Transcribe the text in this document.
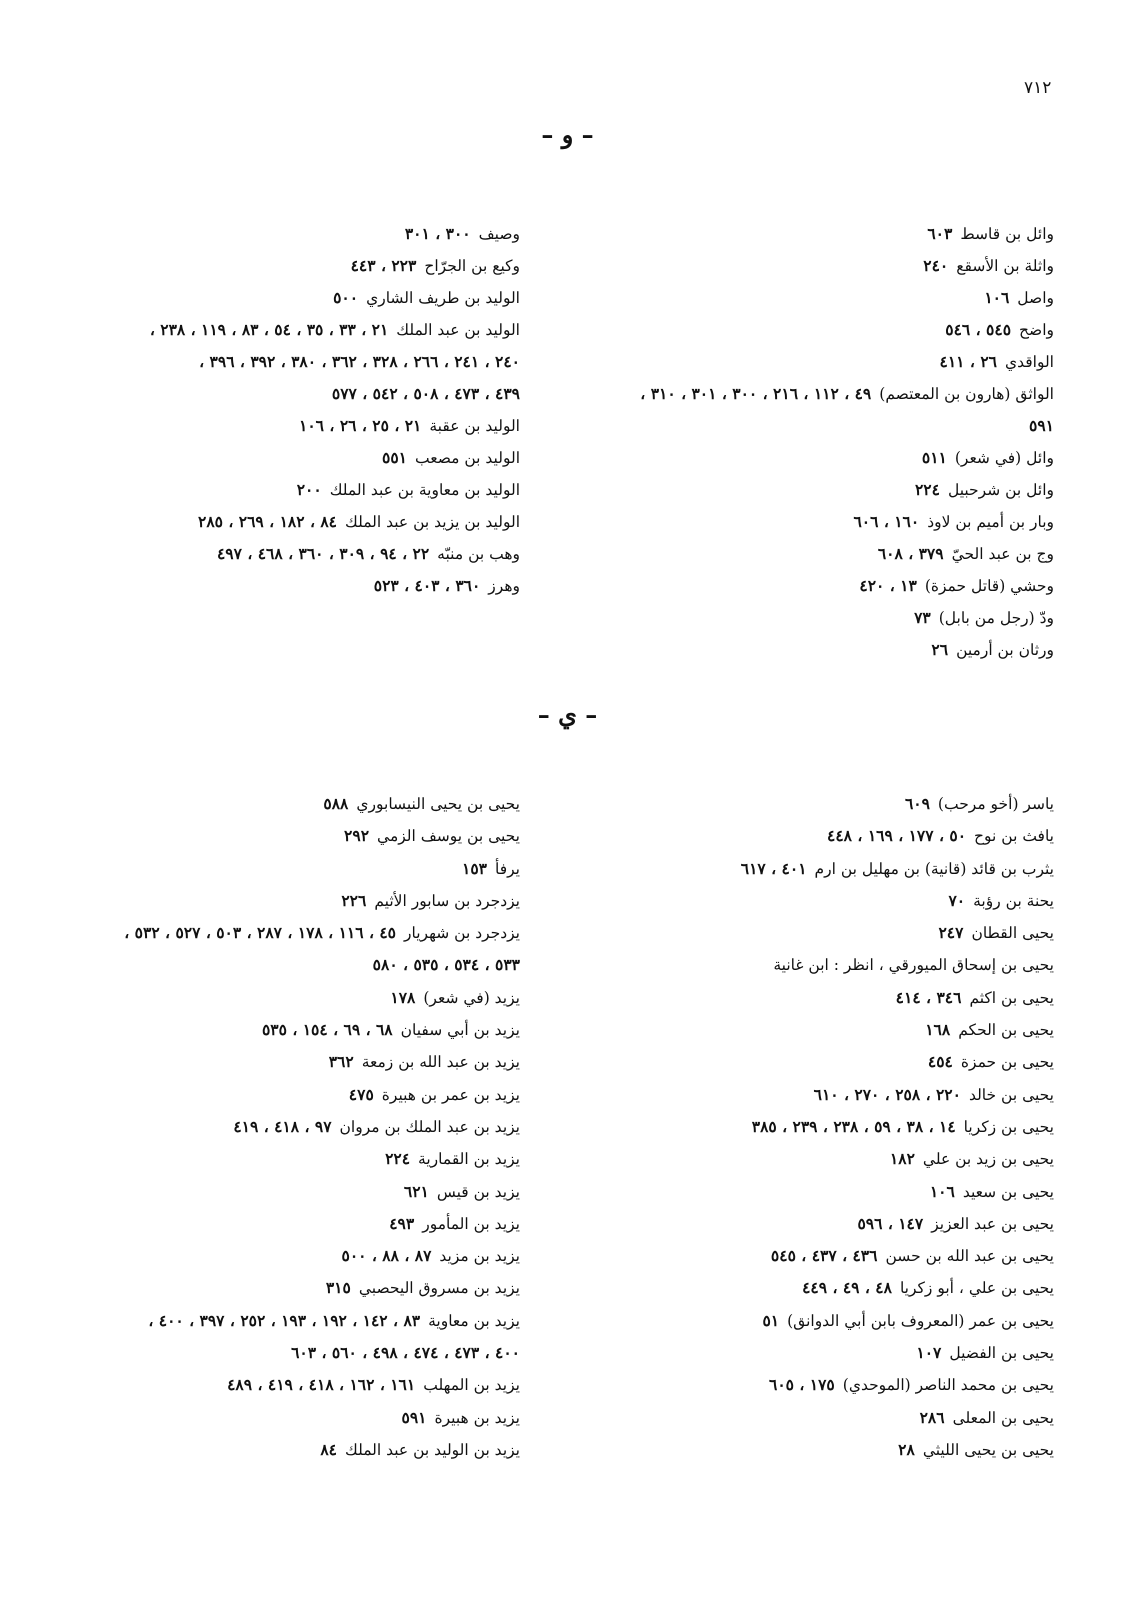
٧١٢
– و –
وائل بن قاسط٦٠٣
واثلة بن الأسقع٢٤٠
واصل١٠٦
واضح٥٤٥ ، ٥٤٦
الواقدي٢٦ ، ٤١١
الواثق (هارون بن المعتصم)٤٩ ، ١١٢ ، ٢١٦ ، ٣٠٠ ، ٣٠١ ، ٣١٠ ،
٥٩١
وائل (في شعر)٥١١
وائل بن شرحبيل٢٢٤
وبار بن أميم بن لاوذ١٦٠ ، ٦٠٦
وج بن عبد الحيّ٣٧٩ ، ٦٠٨
وحشي (قاتل حمزة)١٣ ، ٤٢٠
ودّ (رجل من بابل)٧٣
ورثان بن أرمين٢٦
وصيف٣٠٠ ، ٣٠١
وكيع بن الجرّاح٢٢٣ ، ٤٤٣
الوليد بن طريف الشاري٥٠٠
الوليد بن عبد الملك٢١ ، ٣٣ ، ٣٥ ، ٥٤ ، ٨٣ ، ١١٩ ، ٢٣٨ ،
٢٤٠ ، ٢٤١ ، ٢٦٦ ، ٣٢٨ ، ٣٦٢ ، ٣٨٠ ، ٣٩٢ ، ٣٩٦ ،
٤٣٩ ، ٤٧٣ ، ٥٠٨ ، ٥٤٢ ، ٥٧٧
الوليد بن عقبة٢١ ، ٢٥ ، ٢٦ ، ١٠٦
الوليد بن مصعب٥٥١
الوليد بن معاوية بن عبد الملك٢٠٠
الوليد بن يزيد بن عبد الملك٨٤ ، ١٨٢ ، ٢٦٩ ، ٢٨٥
وهب بن منبّه٢٢ ، ٩٤ ، ٣٠٩ ، ٣٦٠ ، ٤٦٨ ، ٤٩٧
وهرز٣٦٠ ، ٤٠٣ ، ٥٢٣
– ي –
ياسر (أخو مرحب)٦٠٩
يافث بن نوح٥٠ ، ١٧٧ ، ١٦٩ ، ٤٤٨
يثرب بن قائد (قانية) بن مهليل بن ارم٤٠١ ، ٦١٧
يحنة بن رؤبة٧٠
يحيى القطان٢٤٧
يحيى بن إسحاق الميورقي ، انظر : ابن غانية
يحيى بن اكثم٣٤٦ ، ٤١٤
يحيى بن الحكم١٦٨
يحيى بن حمزة٤٥٤
يحيى بن خالد٢٢٠ ، ٢٥٨ ، ٢٧٠ ، ٦١٠
يحيى بن زكريا١٤ ، ٣٨ ، ٥٩ ، ٢٣٨ ، ٢٣٩ ، ٣٨٥
يحيى بن زيد بن علي١٨٢
يحيى بن سعيد١٠٦
يحيى بن عبد العزيز١٤٧ ، ٥٩٦
يحيى بن عبد الله بن حسن٤٣٦ ، ٤٣٧ ، ٥٤٥
يحيى بن علي ، أبو زكريا٤٨ ، ٤٩ ، ٤٤٩
يحيى بن عمر (المعروف بابن أبي الدوانق)٥١
يحيى بن الفضيل١٠٧
يحيى بن محمد الناصر (الموحدي)١٧٥ ، ٦٠٥
يحيى بن المعلى٢٨٦
يحيى بن يحيى الليثي٢٨
يحيى بن يحيى النيسابوري٥٨٨
يحيى بن يوسف الزمي٢٩٢
يرفأ١٥٣
يزدجرد بن سابور الأثيم٢٢٦
يزدجرد بن شهريار٤٥ ، ١١٦ ، ١٧٨ ، ٢٨٧ ، ٥٠٣ ، ٥٢٧ ، ٥٣٢ ،
٥٣٣ ، ٥٣٤ ، ٥٣٥ ، ٥٨٠
يزيد (في شعر)١٧٨
يزيد بن أبي سفيان٦٨ ، ٦٩ ، ١٥٤ ، ٥٣٥
يزيد بن عبد الله بن زمعة٣٦٢
يزيد بن عمر بن هبيرة٤٧٥
يزيد بن عبد الملك بن مروان٩٧ ، ٤١٨ ، ٤١٩
يزيد بن القمارية٢٢٤
يزيد بن قيس٦٢١
يزيد بن المأمور٤٩٣
يزيد بن مزيد٨٧ ، ٨٨ ، ٥٠٠
يزيد بن مسروق اليحصبي٣١٥
يزيد بن معاوية٨٣ ، ١٤٢ ، ١٩٢ ، ١٩٣ ، ٢٥٢ ، ٣٩٧ ، ٤٠٠ ،
٤٠٠ ، ٤٧٣ ، ٤٧٤ ، ٤٩٨ ، ٥٦٠ ، ٦٠٣
يزيد بن المهلب١٦١ ، ١٦٢ ، ٤١٨ ، ٤١٩ ، ٤٨٩
يزيد بن هبيرة٥٩١
يزيد بن الوليد بن عبد الملك٨٤
